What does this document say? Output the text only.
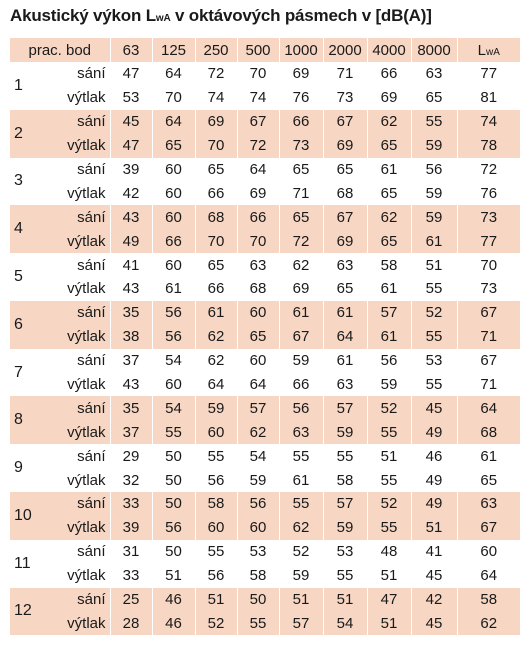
Akustický výkon LwA v oktávových pásmech v [dB(A)]
prac. bod		63	125	250	500	1000	2000	4000	8000	LwA
1	sání	47	64	72	70	69	71	66	63	77
	výtlak	53	70	74	74	76	73	69	65	81
2	sání	45	64	69	67	66	67	62	55	74
	výtlak	47	65	70	72	73	69	65	59	78
3	sání	39	60	65	64	65	65	61	56	72
	výtlak	42	60	66	69	71	68	65	59	76
4	sání	43	60	68	66	65	67	62	59	73
	výtlak	49	66	70	70	72	69	65	61	77
5	sání	41	60	65	63	62	63	58	51	70
	výtlak	43	61	66	68	69	65	61	55	73
6	sání	35	56	61	60	61	61	57	52	67
	výtlak	38	56	62	65	67	64	61	55	71
7	sání	37	54	62	60	59	61	56	53	67
	výtlak	43	60	64	64	66	63	59	55	71
8	sání	35	54	59	57	56	57	52	45	64
	výtlak	37	55	60	62	63	59	55	49	68
9	sání	29	50	55	54	55	55	51	46	61
	výtlak	32	50	56	59	61	58	55	49	65
10	sání	33	50	58	56	55	57	52	49	63
	výtlak	39	56	60	60	62	59	55	51	67
11	sání	31	50	55	53	52	53	48	41	60
	výtlak	33	51	56	58	59	55	51	45	64
12	sání	25	46	51	50	51	51	47	42	58
	výtlak	28	46	52	55	57	54	51	45	62
